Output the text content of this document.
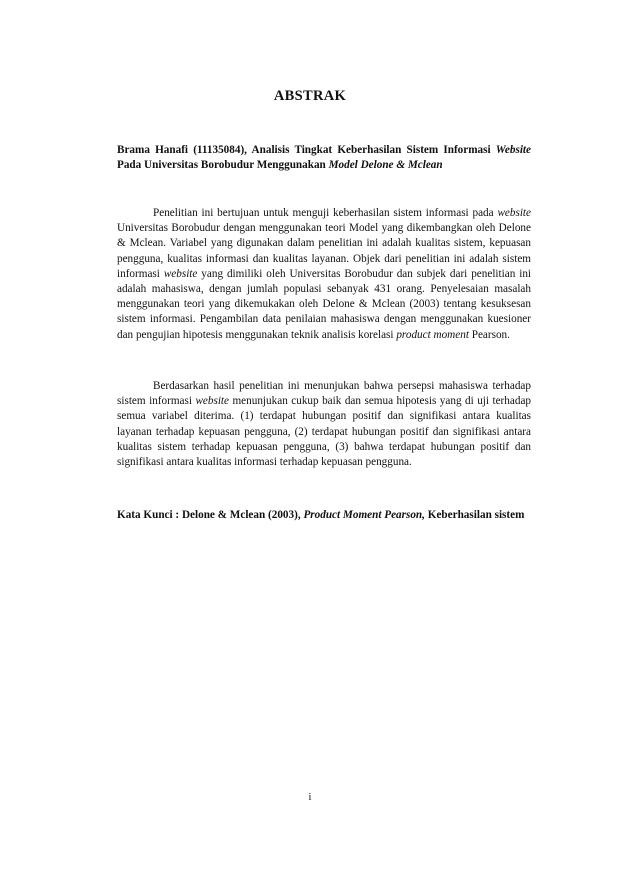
ABSTRAK
Brama Hanafi (11135084), Analisis Tingkat Keberhasilan Sistem Informasi Website Pada Universitas Borobudur Menggunakan Model Delone & Mclean
Penelitian ini bertujuan untuk menguji keberhasilan sistem informasi pada website Universitas Borobudur dengan menggunakan teori Model yang dikembangkan oleh Delone & Mclean. Variabel yang digunakan dalam penelitian ini adalah kualitas sistem, kepuasan pengguna, kualitas informasi dan kualitas layanan. Objek dari penelitian ini adalah sistem informasi website yang dimiliki oleh Universitas Borobudur dan subjek dari penelitian ini adalah mahasiswa, dengan jumlah populasi sebanyak 431 orang. Penyelesaian masalah menggunakan teori yang dikemukakan oleh Delone & Mclean (2003) tentang kesuksesan sistem informasi. Pengambilan data penilaian mahasiswa dengan menggunakan kuesioner dan pengujian hipotesis menggunakan teknik analisis korelasi product moment Pearson.
Berdasarkan hasil penelitian ini menunjukan bahwa persepsi mahasiswa terhadap sistem informasi website menunjukan cukup baik dan semua hipotesis yang di uji terhadap semua variabel diterima. (1) terdapat hubungan positif dan signifikasi antara kualitas layanan terhadap kepuasan pengguna, (2) terdapat hubungan positif dan signifikasi antara kualitas sistem terhadap kepuasan pengguna, (3) bahwa terdapat hubungan positif dan signifikasi antara kualitas informasi terhadap kepuasan pengguna.
Kata Kunci : Delone & Mclean (2003), Product Moment Pearson, Keberhasilan sistem
i
